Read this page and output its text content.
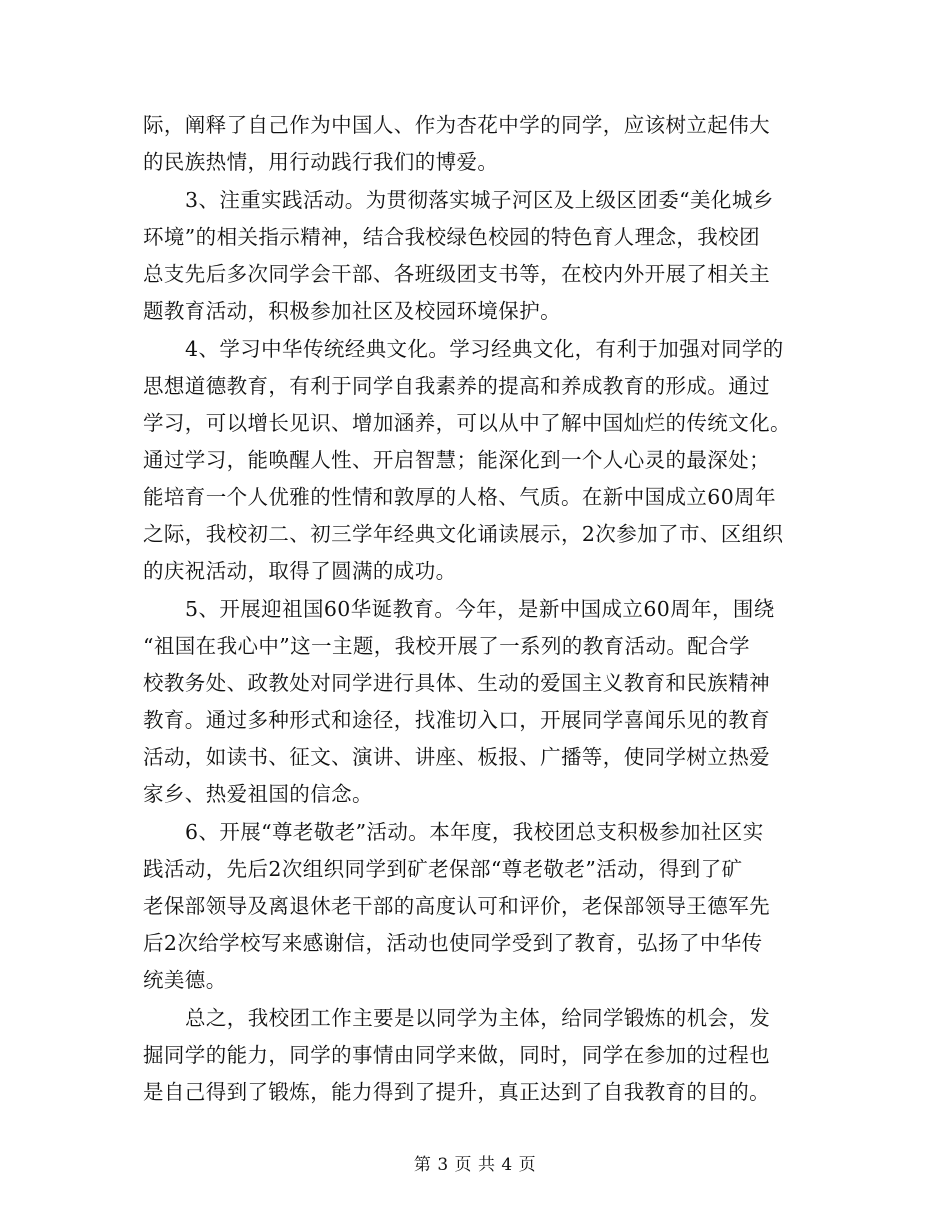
际，阐释了自己作为中国人、作为杏花中学的同学，应该树立起伟大
的民族热情，用行动践行我们的博爱。
3、注重实践活动。为贯彻落实城子河区及上级区团委“美化城乡
环境”的相关指示精神，结合我校绿色校园的特色育人理念，我校团
总支先后多次同学会干部、各班级团支书等，在校内外开展了相关主
题教育活动，积极参加社区及校园环境保护。
4、学习中华传统经典文化。学习经典文化，有利于加强对同学的
思想道德教育，有利于同学自我素养的提高和养成教育的形成。通过
学习，可以增长见识、增加涵养，可以从中了解中国灿烂的传统文化。
通过学习，能唤醒人性、开启智慧；能深化到一个人心灵的最深处；
能培育一个人优雅的性情和敦厚的人格、气质。在新中国成立60周年
之际，我校初二、初三学年经典文化诵读展示，2次参加了市、区组织
的庆祝活动，取得了圆满的成功。
5、开展迎祖国60华诞教育。今年，是新中国成立60周年，围绕
“祖国在我心中”这一主题，我校开展了一系列的教育活动。配合学
校教务处、政教处对同学进行具体、生动的爱国主义教育和民族精神
教育。通过多种形式和途径，找准切入口，开展同学喜闻乐见的教育
活动，如读书、征文、演讲、讲座、板报、广播等，使同学树立热爱
家乡、热爱祖国的信念。
6、开展“尊老敬老”活动。本年度，我校团总支积极参加社区实
践活动，先后2次组织同学到矿老保部“尊老敬老”活动，得到了矿
老保部领导及离退休老干部的高度认可和评价，老保部领导王德军先
后2次给学校写来感谢信，活动也使同学受到了教育，弘扬了中华传
统美德。
总之，我校团工作主要是以同学为主体，给同学锻炼的机会，发
掘同学的能力，同学的事情由同学来做，同时，同学在参加的过程也
是自己得到了锻炼，能力得到了提升，真正达到了自我教育的目的。
第 3 页 共 4 页
